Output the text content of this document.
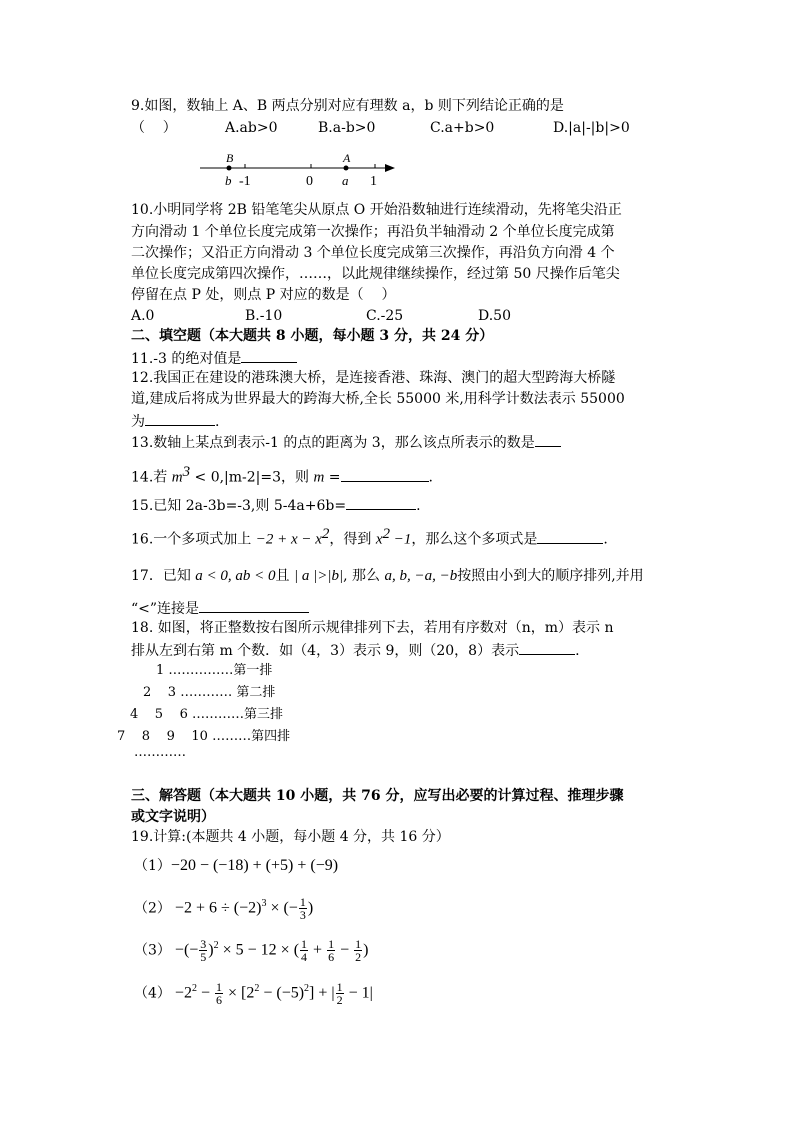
9.如图，数轴上 A、B 两点分别对应有理数 a，b 则下列结论正确的是
（    ）	A.ab>0	B.a-b>0	C.a+b>0	D.|a|-|b|>0
B	A
b	a
-1	0	1
10.小明同学将 2B 铅笔笔尖从原点 O 开始沿数轴进行连续滑动，先将笔尖沿正
方向滑动 1 个单位长度完成第一次操作；再沿负半轴滑动 2 个单位长度完成第
二次操作；又沿正方向滑动 3 个单位长度完成第三次操作，再沿负方向滑 4 个
单位长度完成第四次操作，……，以此规律继续操作，经过第 50 尺操作后笔尖
停留在点 P 处，则点 P 对应的数是（    ）
A.0	B.-10	C.-25	D.50
二、填空题（本大题共 8 小题，每小题 3 分，共 24 分）
11.-3 的绝对值是
12.我国正在建设的港珠澳大桥，是连接香港、珠海、澳门的超大型跨海大桥隧
道,建成后将成为世界最大的跨海大桥,全长 55000 米,用科学计数法表示 55000
为	.
13.数轴上某点到表示-1 的点的距离为 3，那么该点所表示的数是
14.若 $m^3 < 0,|m-2|=3$，则 m =	.
15.已知 2a-3b=-3,则 5-4a+6b=	.
16.一个多项式加上 $-2 + x - x^2$，得到 $x^2 -1$，那么这个多项式是	.
17．已知 a < 0, ab < 0且 | a |>|b|, 那么 a, b, −a, −b按照由小到大的顺序排列,并用
“<”连接是
18. 如图，将正整数按右图所示规律排列下去，若用有序数对（n，m）表示 n
排从左到右第 m 个数．如（4，3）表示 9，则（20，8）表示	.
1 ……………第一排
2    3 ………… 第二排
4    5    6 …………第三排
7    8    9    10 ………第四排
…………
三、解答题（本大题共 10 小题，共 76 分，应写出必要的计算过程、推理步骤
或文字说明）
19.计算:(本题共 4 小题，每小题 4 分，共 16 分）
（1）−20 − (−18) + (+5) + (−9)
$(2) -2 + 6 \div (-2)^3$ × (− $\frac{1}{3}$ )
（3） −(− $\frac{3}{5} )^2 \times 5 - 12$ × ( $\frac{1}{4} + \frac{1}{6} - \frac{1}{2}$ )
$(4) -2^2 - \frac{1}{6} \times [2^2 - (-5)^2]$ + | $\frac{1}{2} - 1|$
